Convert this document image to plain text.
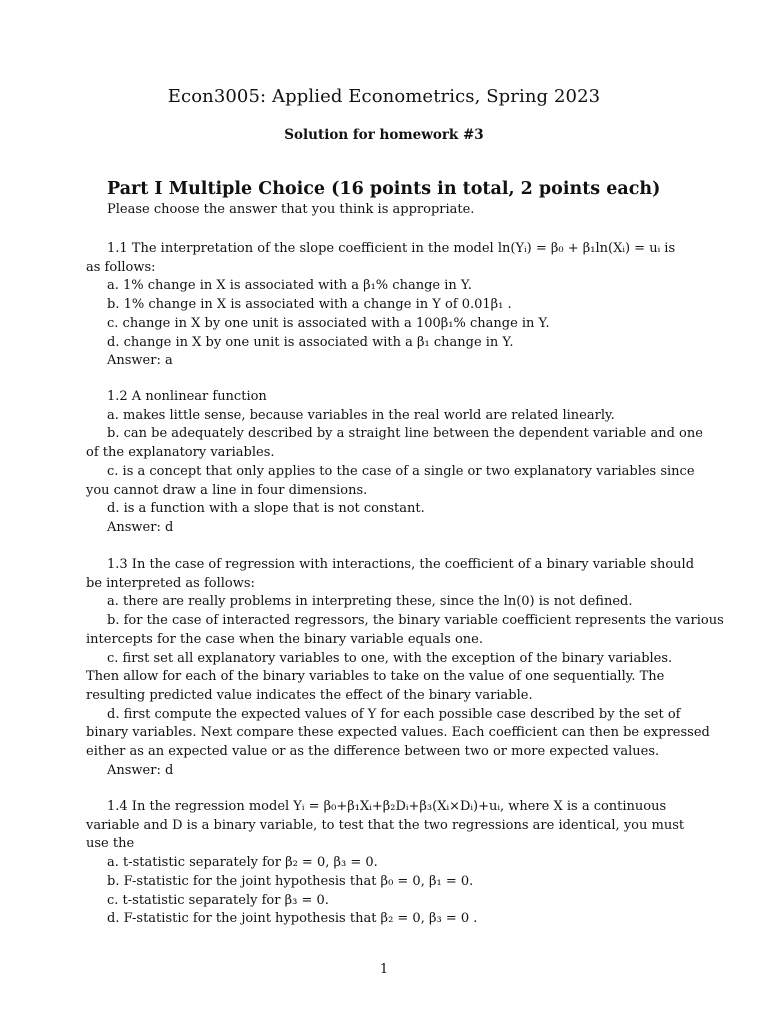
Econ3005: Applied Econometrics, Spring 2023
Solution for homework #3
Part I Multiple Choice (16 points in total, 2 points each)
Please choose the answer that you think is appropriate.
1.1 The interpretation of the slope coefficient in the model ln(Yᵢ) = β₀ + β₁ln(Xᵢ) = uᵢ is
as follows:
a. 1% change in X is associated with a β₁% change in Y.
b. 1% change in X is associated with a change in Y of 0.01β₁ .
c. change in X by one unit is associated with a 100β₁% change in Y.
d. change in X by one unit is associated with a β₁ change in Y.
Answer: a
1.2 A nonlinear function
a. makes little sense, because variables in the real world are related linearly.
b. can be adequately described by a straight line between the dependent variable and one
of the explanatory variables.
c. is a concept that only applies to the case of a single or two explanatory variables since
you cannot draw a line in four dimensions.
d. is a function with a slope that is not constant.
Answer: d
1.3 In the case of regression with interactions, the coefficient of a binary variable should
be interpreted as follows:
a. there are really problems in interpreting these, since the ln(0) is not defined.
b. for the case of interacted regressors, the binary variable coefficient represents the various
intercepts for the case when the binary variable equals one.
c. first set all explanatory variables to one, with the exception of the binary variables.
Then allow for each of the binary variables to take on the value of one sequentially. The
resulting predicted value indicates the effect of the binary variable.
d. first compute the expected values of Y for each possible case described by the set of
binary variables. Next compare these expected values. Each coefficient can then be expressed
either as an expected value or as the difference between two or more expected values.
Answer: d
1.4 In the regression model Yᵢ = β₀+β₁Xᵢ+β₂Dᵢ+β₃(Xᵢ×Dᵢ)+uᵢ, where X is a continuous
variable and D is a binary variable, to test that the two regressions are identical, you must
use the
a. t-statistic separately for β₂ = 0, β₃ = 0.
b. F-statistic for the joint hypothesis that β₀ = 0, β₁ = 0.
c. t-statistic separately for β₃ = 0.
d. F-statistic for the joint hypothesis that β₂ = 0, β₃ = 0 .
1
